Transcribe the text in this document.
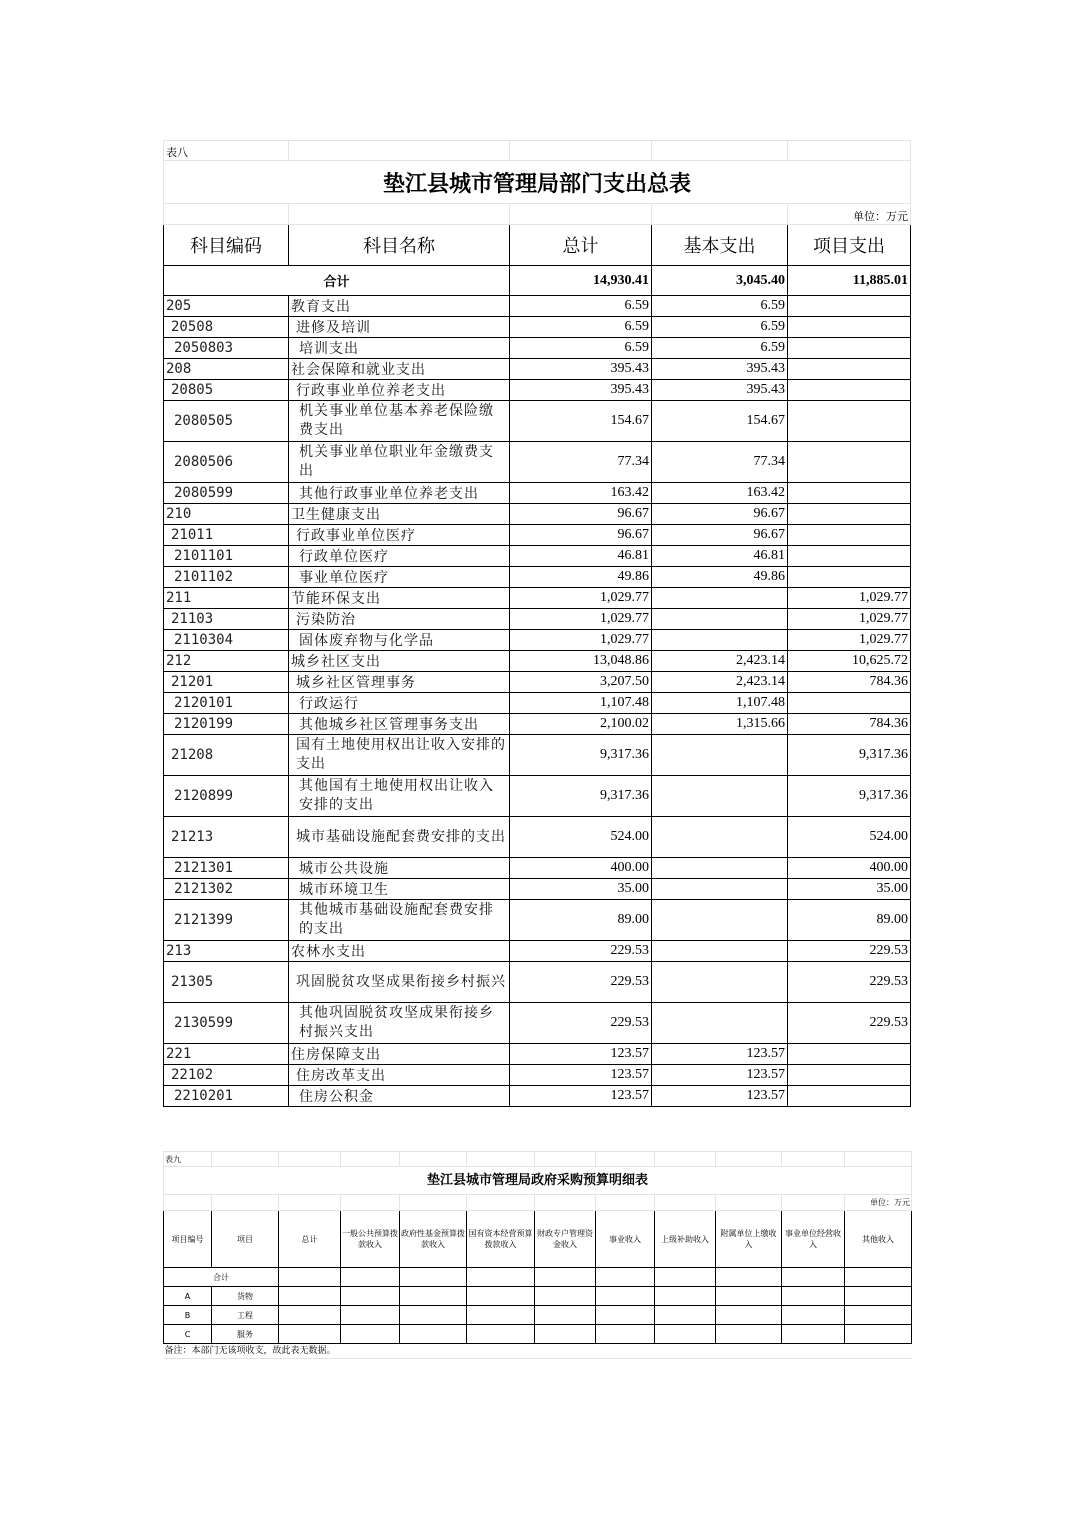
表八				
垫江县城市管理局部门支出总表				
				单位：万元
科目编码	科目名称	总计	基本支出	项目支出
合计		14,930.41	3,045.40	11,885.01
205	教育支出	6.59	6.59	
20508	进修及培训	6.59	6.59	
2050803	培训支出	6.59	6.59	
208	社会保障和就业支出	395.43	395.43	
20805	行政事业单位养老支出	395.43	395.43	
2080505	机关事业单位基本养老保险缴费支出	154.67	154.67	
2080506	机关事业单位职业年金缴费支出	77.34	77.34	
2080599	其他行政事业单位养老支出	163.42	163.42	
210	卫生健康支出	96.67	96.67	
21011	行政事业单位医疗	96.67	96.67	
2101101	行政单位医疗	46.81	46.81	
2101102	事业单位医疗	49.86	49.86	
211	节能环保支出	1,029.77		1,029.77
21103	污染防治	1,029.77		1,029.77
2110304	固体废弃物与化学品	1,029.77		1,029.77
212	城乡社区支出	13,048.86	2,423.14	10,625.72
21201	城乡社区管理事务	3,207.50	2,423.14	784.36
2120101	行政运行	1,107.48	1,107.48	
2120199	其他城乡社区管理事务支出	2,100.02	1,315.66	784.36
21208	国有土地使用权出让收入安排的支出	9,317.36		9,317.36
2120899	其他国有土地使用权出让收入安排的支出	9,317.36		9,317.36
21213	城市基础设施配套费安排的支出	524.00		524.00
2121301	城市公共设施	400.00		400.00
2121302	城市环境卫生	35.00		35.00
2121399	其他城市基础设施配套费安排的支出	89.00		89.00
213	农林水支出	229.53		229.53
21305	巩固脱贫攻坚成果衔接乡村振兴	229.53		229.53
2130599	其他巩固脱贫攻坚成果衔接乡村振兴支出	229.53		229.53
221	住房保障支出	123.57	123.57	
22102	住房改革支出	123.57	123.57	
2210201	住房公积金	123.57	123.57	
表九											
垫江县城市管理局政府采购预算明细表											
											单位：万元
项目编号	项目	总计	一般公共预算拨款收入	政府性基金预算拨款收入	国有资本经营预算拨款收入	财政专户管理资金收入	事业收入	上级补助收入	附属单位上缴收入	事业单位经营收入	其他收入
合计											
A	货物										
B	工程										
C	服务										
备注：本部门无该项收支，故此表无数据。											
